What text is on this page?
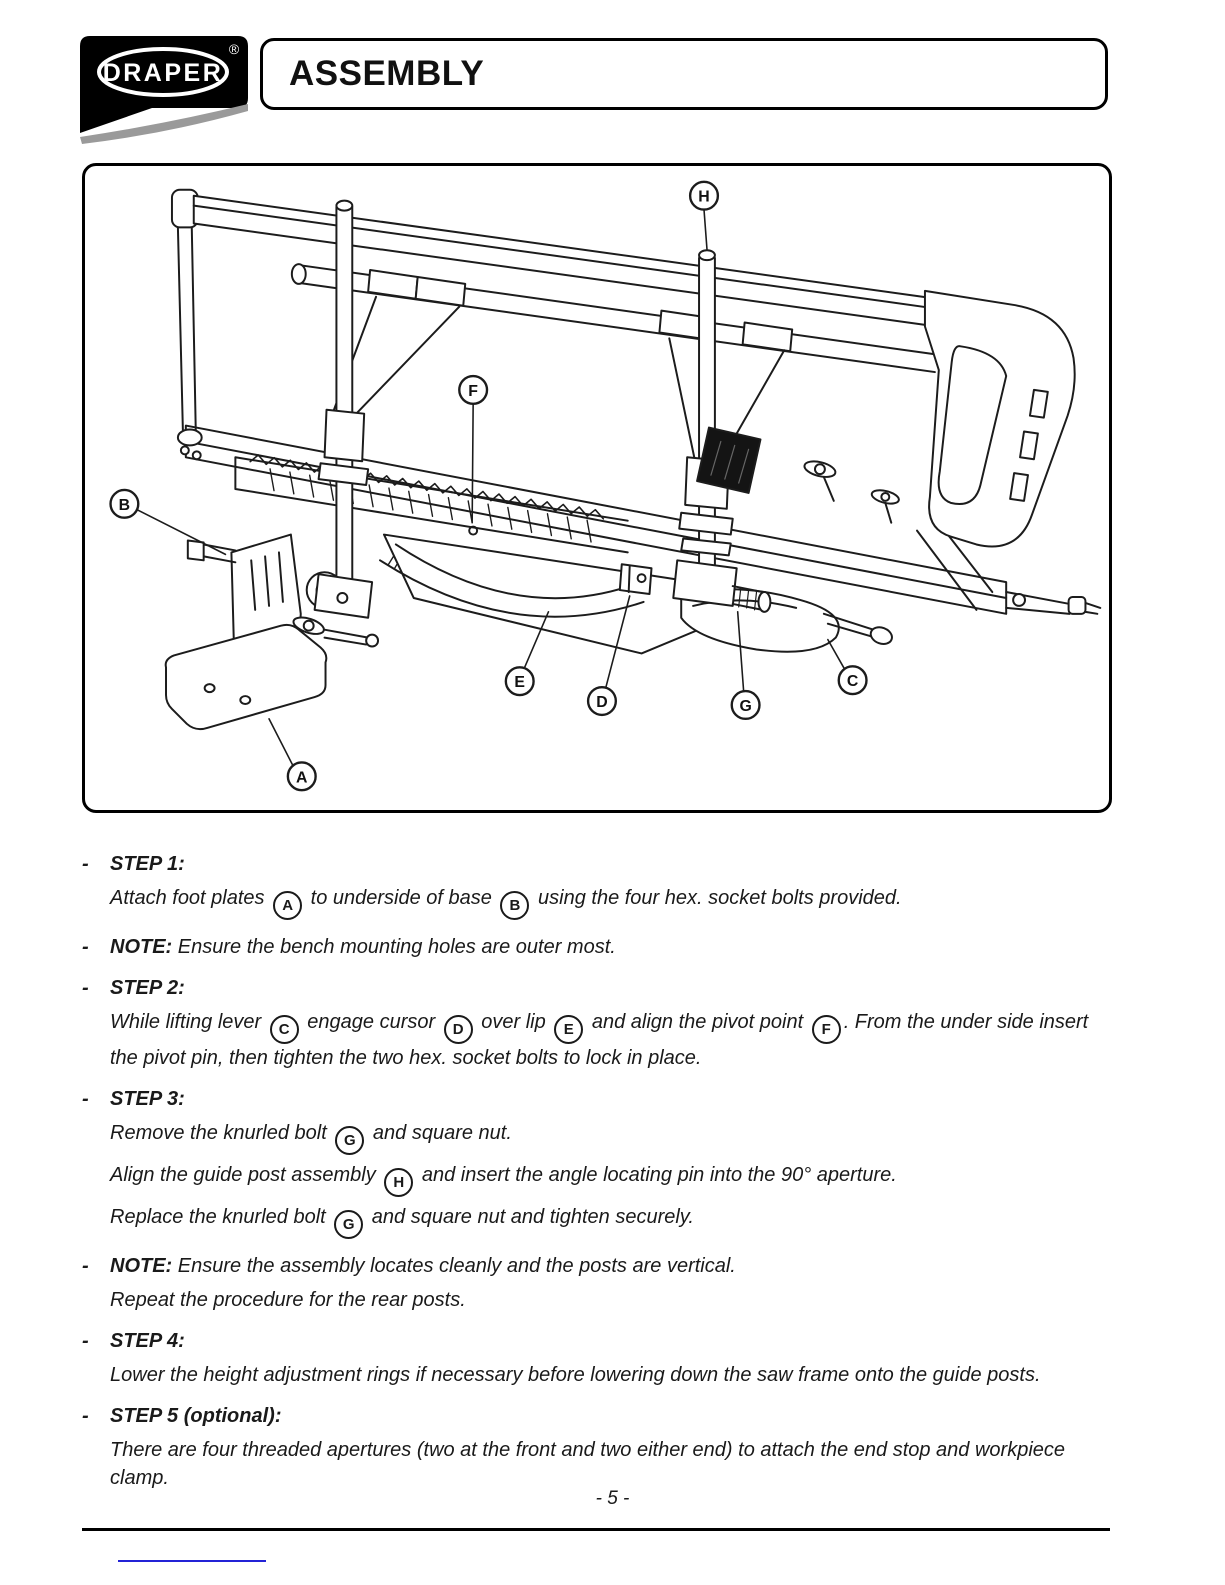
DRAPER
®
ASSEMBLY
A
B
C
D
E
F
G
H
-	STEP 1:

Attach foot plates A to underside of base B using the four hex. socket bolts provided.

-	NOTE: Ensure the bench mounting holes are outer most.

-	STEP 2:

While lifting lever C engage cursor D over lip E and align the pivot point F . From the under side insert the pivot pin, then tighten the two hex. socket bolts to lock in place.

-	STEP 3:

Remove the knurled bolt G and square nut.

Align the guide post assembly H and insert the angle locating pin into the 90° aperture.

Replace the knurled bolt G and square nut and tighten securely.

-	NOTE: Ensure the assembly locates cleanly and the posts are vertical.

Repeat the procedure for the rear posts.

-	STEP 4:

Lower the height adjustment rings if necessary before lowering down the saw frame onto the guide posts.

-	STEP 5 (optional):

There are four threaded apertures (two at the front and two either end) to attach the end stop and workpiece clamp.

- 5 -
